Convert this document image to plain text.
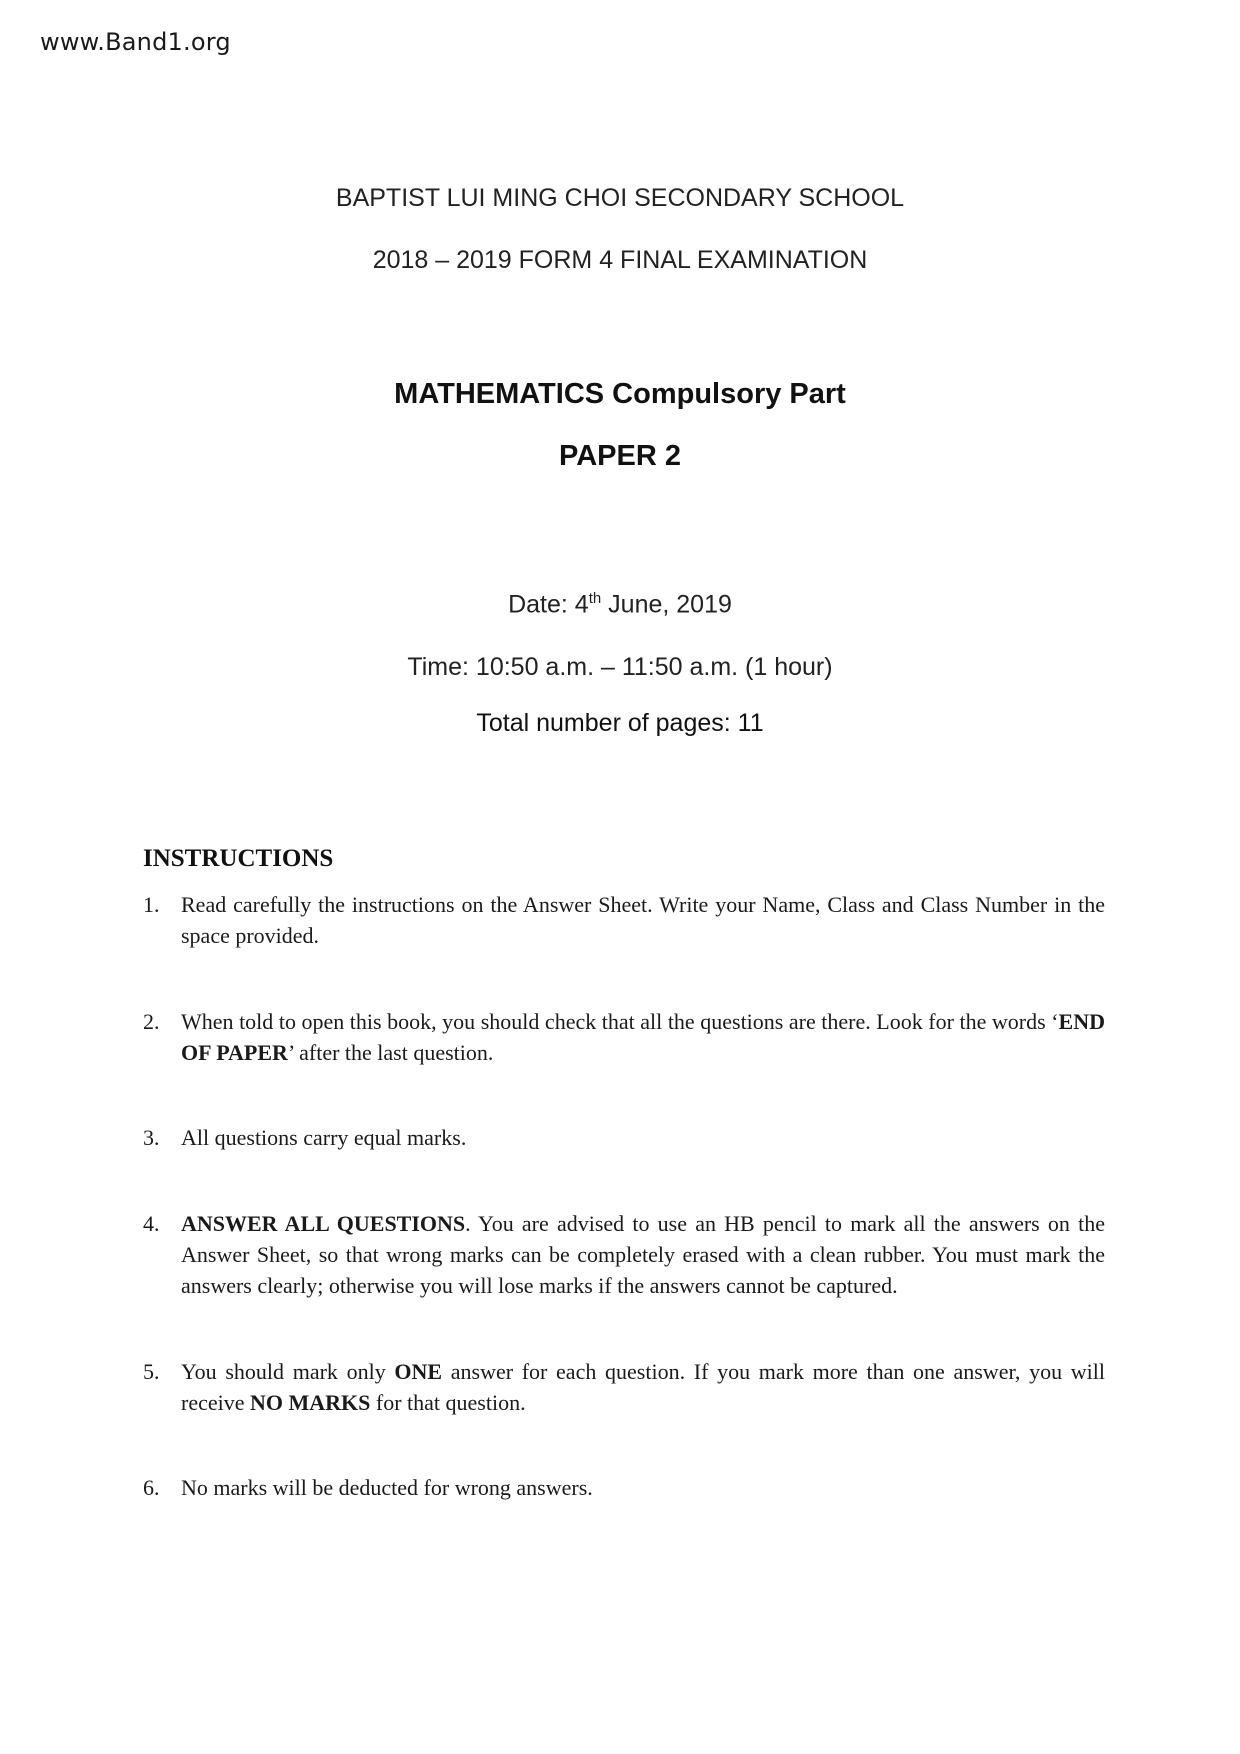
www.Band1.org
BAPTIST LUI MING CHOI SECONDARY SCHOOL
2018 – 2019 FORM 4 FINAL EXAMINATION
MATHEMATICS Compulsory Part
PAPER 2
Date: 4th June, 2019
Time: 10:50 a.m. – 11:50 a.m. (1 hour)
Total number of pages: 11
INSTRUCTIONS
1. Read carefully the instructions on the Answer Sheet. Write your Name, Class and Class Number in the space provided.
2. When told to open this book, you should check that all the questions are there. Look for the words ‘END OF PAPER’ after the last question.
3. All questions carry equal marks.
4. ANSWER ALL QUESTIONS. You are advised to use an HB pencil to mark all the answers on the Answer Sheet, so that wrong marks can be completely erased with a clean rubber. You must mark the answers clearly; otherwise you will lose marks if the answers cannot be captured.
5. You should mark only ONE answer for each question. If you mark more than one answer, you will receive NO MARKS for that question.
6. No marks will be deducted for wrong answers.
